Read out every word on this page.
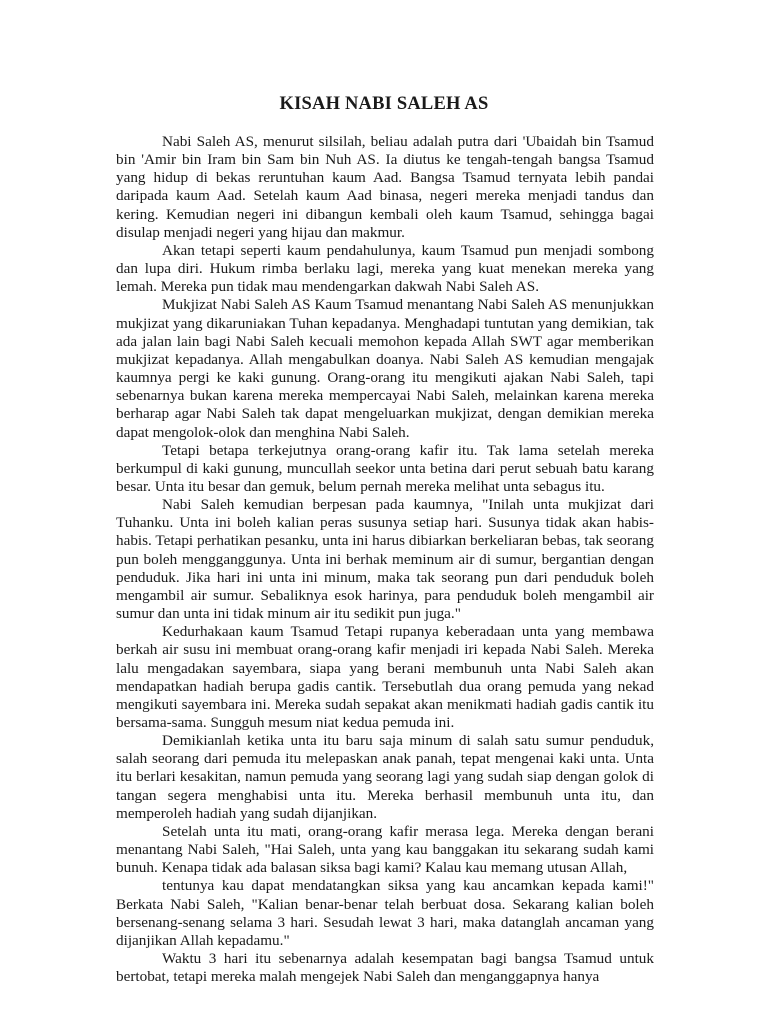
KISAH NABI SALEH AS

Nabi Saleh AS, menurut silsilah, beliau adalah putra dari 'Ubaidah bin Tsamud bin 'Amir bin Iram bin Sam bin Nuh AS. Ia diutus ke tengah-tengah bangsa Tsamud yang hidup di bekas reruntuhan kaum Aad. Bangsa Tsamud ternyata lebih pandai daripada kaum Aad. Setelah kaum Aad binasa, negeri mereka menjadi tandus dan kering. Kemudian negeri ini dibangun kembali oleh kaum Tsamud, sehingga bagai disulap menjadi negeri yang hijau dan makmur.

Akan tetapi seperti kaum pendahulunya, kaum Tsamud pun menjadi sombong dan lupa diri. Hukum rimba berlaku lagi, mereka yang kuat menekan mereka yang lemah. Mereka pun tidak mau mendengarkan dakwah Nabi Saleh AS.

Mukjizat Nabi Saleh AS Kaum Tsamud menantang Nabi Saleh AS menunjukkan mukjizat yang dikaruniakan Tuhan kepadanya. Menghadapi tuntutan yang demikian, tak ada jalan lain bagi Nabi Saleh kecuali memohon kepada Allah SWT agar memberikan mukjizat kepadanya. Allah mengabulkan doanya. Nabi Saleh AS kemudian mengajak kaumnya pergi ke kaki gunung. Orang-orang itu mengikuti ajakan Nabi Saleh, tapi sebenarnya bukan karena mereka mempercayai Nabi Saleh, melainkan karena mereka berharap agar Nabi Saleh tak dapat mengeluarkan mukjizat, dengan demikian mereka dapat mengolok-olok dan menghina Nabi Saleh.

Tetapi betapa terkejutnya orang-orang kafir itu. Tak lama setelah mereka berkumpul di kaki gunung, muncullah seekor unta betina dari perut sebuah batu karang besar. Unta itu besar dan gemuk, belum pernah mereka melihat unta sebagus itu.

Nabi Saleh kemudian berpesan pada kaumnya, "Inilah unta mukjizat dari Tuhanku. Unta ini boleh kalian peras susunya setiap hari. Susunya tidak akan habis-habis. Tetapi perhatikan pesanku, unta ini harus dibiarkan berkeliaran bebas, tak seorang pun boleh mengganggunya. Unta ini berhak meminum air di sumur, bergantian dengan penduduk. Jika hari ini unta ini minum, maka tak seorang pun dari penduduk boleh mengambil air sumur. Sebaliknya esok harinya, para penduduk boleh mengambil air sumur dan unta ini tidak minum air itu sedikit pun juga."

Kedurhakaan kaum Tsamud Tetapi rupanya keberadaan unta yang membawa berkah air susu ini membuat orang-orang kafir menjadi iri kepada Nabi Saleh. Mereka lalu mengadakan sayembara, siapa yang berani membunuh unta Nabi Saleh akan mendapatkan hadiah berupa gadis cantik. Tersebutlah dua orang pemuda yang nekad mengikuti sayembara ini. Mereka sudah sepakat akan menikmati hadiah gadis cantik itu bersama-sama. Sungguh mesum niat kedua pemuda ini.

Demikianlah ketika unta itu baru saja minum di salah satu sumur penduduk, salah seorang dari pemuda itu melepaskan anak panah, tepat mengenai kaki unta. Unta itu berlari kesakitan, namun pemuda yang seorang lagi yang sudah siap dengan golok di tangan segera menghabisi unta itu. Mereka berhasil membunuh unta itu, dan memperoleh hadiah yang sudah dijanjikan.

Setelah unta itu mati, orang-orang kafir merasa lega. Mereka dengan berani menantang Nabi Saleh, "Hai Saleh, unta yang kau banggakan itu sekarang sudah kami bunuh. Kenapa tidak ada balasan siksa bagi kami? Kalau kau memang utusan Allah,

tentunya kau dapat mendatangkan siksa yang kau ancamkan kepada kami!" Berkata Nabi Saleh, "Kalian benar-benar telah berbuat dosa. Sekarang kalian boleh bersenang-senang selama 3 hari. Sesudah lewat 3 hari, maka datanglah ancaman yang dijanjikan Allah kepadamu."

Waktu 3 hari itu sebenarnya adalah kesempatan bagi bangsa Tsamud untuk bertobat, tetapi mereka malah mengejek Nabi Saleh dan menganggapnya hanya
